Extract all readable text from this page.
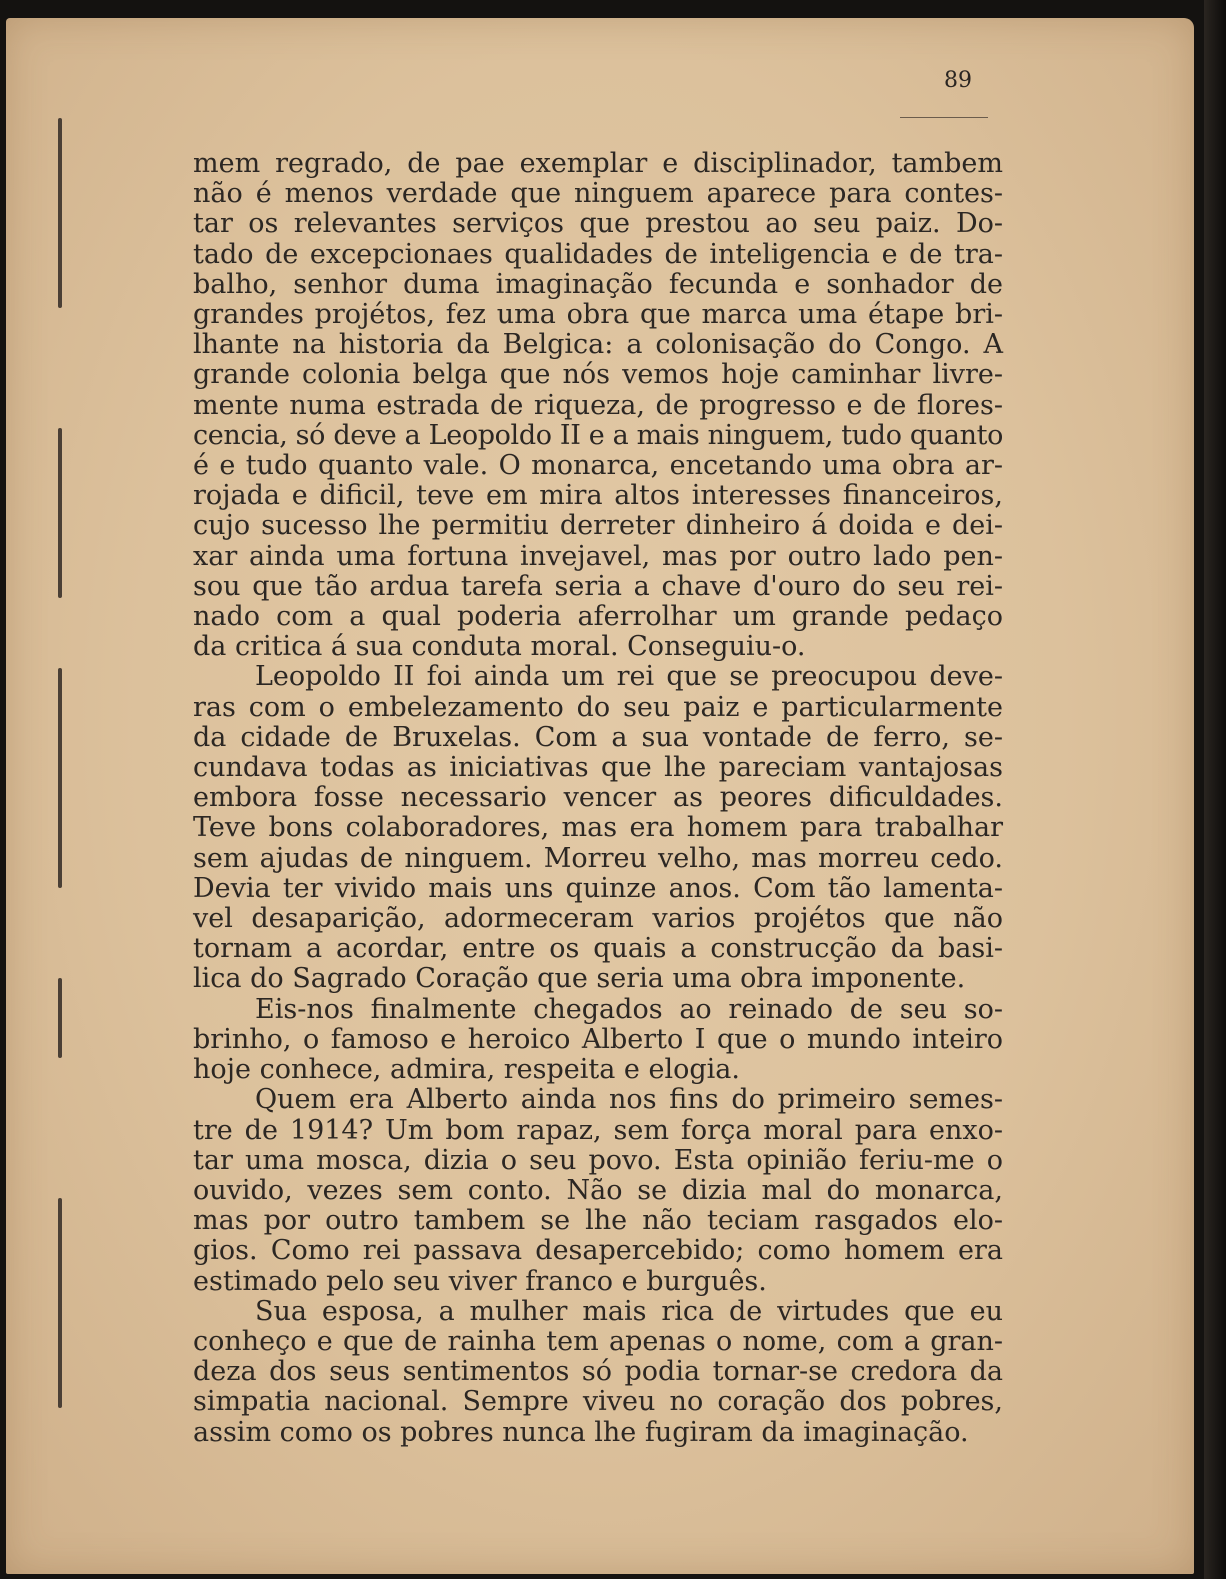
89
mem regrado, de pae exemplar e disciplinador, tambem
não é menos verdade que ninguem aparece para contes-
tar os relevantes serviços que prestou ao seu paiz. Do-
tado de excepcionaes qualidades de inteligencia e de tra-
balho, senhor duma imaginação fecunda e sonhador de
grandes projétos, fez uma obra que marca uma étape bri-
lhante na historia da Belgica: a colonisação do Congo. A
grande colonia belga que nós vemos hoje caminhar livre-
mente numa estrada de riqueza, de progresso e de flores-
cencia, só deve a Leopoldo II e a mais ninguem, tudo quanto
é e tudo quanto vale. O monarca, encetando uma obra ar-
rojada e dificil, teve em mira altos interesses financeiros,
cujo sucesso lhe permitiu derreter dinheiro á doida e dei-
xar ainda uma fortuna invejavel, mas por outro lado pen-
sou que tão ardua tarefa seria a chave d'ouro do seu rei-
nado com a qual poderia aferrolhar um grande pedaço
da critica á sua conduta moral. Conseguiu-o.
Leopoldo II foi ainda um rei que se preocupou deve-
ras com o embelezamento do seu paiz e particularmente
da cidade de Bruxelas. Com a sua vontade de ferro, se-
cundava todas as iniciativas que lhe pareciam vantajosas
embora fosse necessario vencer as peores dificuldades.
Teve bons colaboradores, mas era homem para trabalhar
sem ajudas de ninguem. Morreu velho, mas morreu cedo.
Devia ter vivido mais uns quinze anos. Com tão lamenta-
vel desaparição, adormeceram varios projétos que não
tornam a acordar, entre os quais a construcção da basi-
lica do Sagrado Coração que seria uma obra imponente.
Eis-nos finalmente chegados ao reinado de seu so-
brinho, o famoso e heroico Alberto I que o mundo inteiro
hoje conhece, admira, respeita e elogia.
Quem era Alberto ainda nos fins do primeiro semes-
tre de 1914? Um bom rapaz, sem força moral para enxo-
tar uma mosca, dizia o seu povo. Esta opinião feriu-me o
ouvido, vezes sem conto. Não se dizia mal do monarca,
mas por outro tambem se lhe não teciam rasgados elo-
gios. Como rei passava desapercebido; como homem era
estimado pelo seu viver franco e burguês.
Sua esposa, a mulher mais rica de virtudes que eu
conheço e que de rainha tem apenas o nome, com a gran-
deza dos seus sentimentos só podia tornar-se credora da
simpatia nacional. Sempre viveu no coração dos pobres,
assim como os pobres nunca lhe fugiram da imaginação.
